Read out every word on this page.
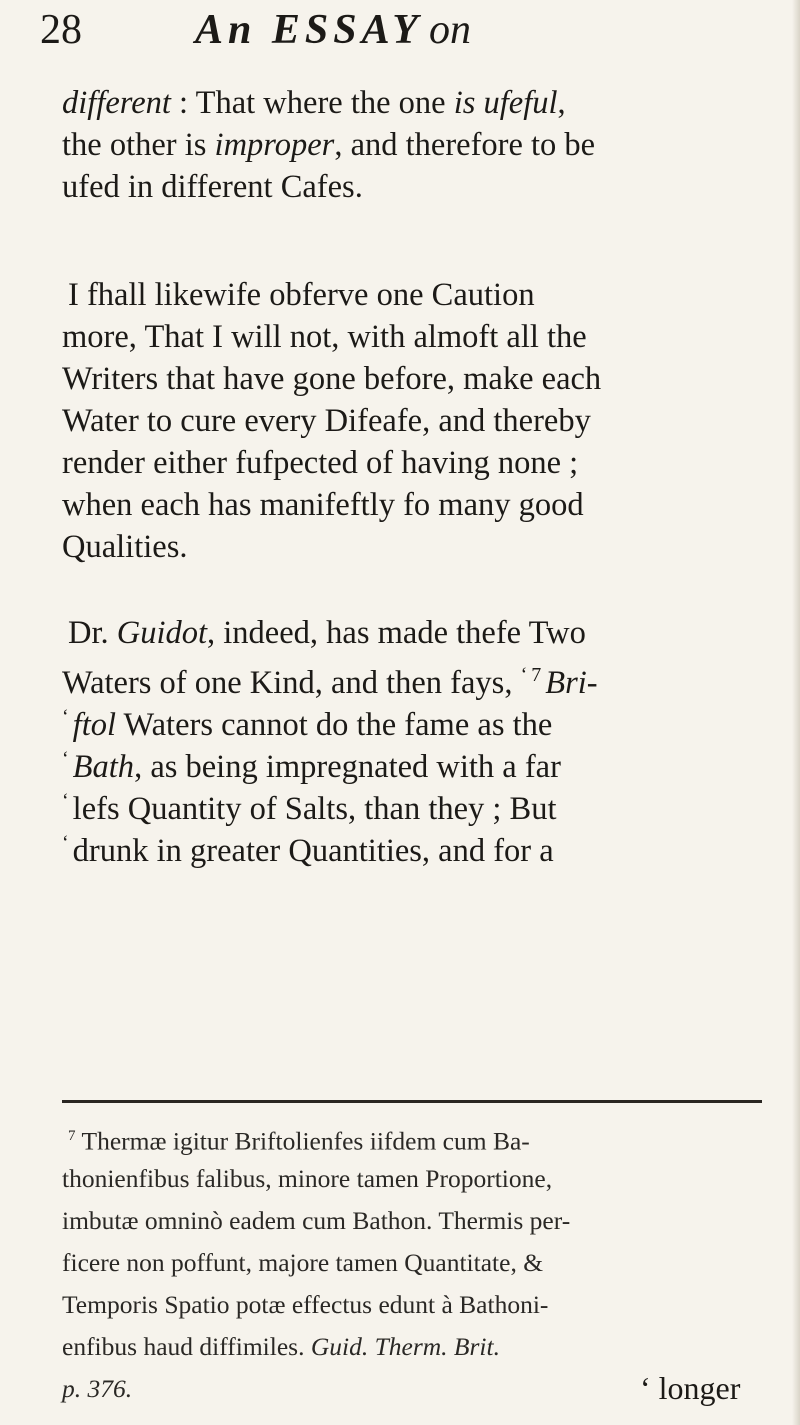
28	An ESSAY on
different : That where the one is ufeful,
the other is improper, and therefore to be
ufed in different Cafes.
I fhall likewife obferve one Caution
more, That I will not, with almoft all the
Writers that have gone before, make each
Water to cure every Difeafe, and thereby
render either fufpected of having none ;
when each has manifeftly fo many good
Qualities.
Dr. Guidot, indeed, has made thefe Two
Waters of one Kind, and then fays, ‘ $^7$ Bri-
‘ ftol Waters cannot do the fame as the
‘ Bath, as being impregnated with a far
‘ lefs Quantity of Salts, than they ; But
‘ drunk in greater Quantities, and for a
$^7$ Thermæ igitur Briftolienfes iifdem cum Ba-
thonienfibus falibus, minore tamen Proportione,
imbutæ omninò eadem cum Bathon. Thermis per-
ficere non poffunt, majore tamen Quantitate, &
Temporis Spatio potæ effectus edunt à Bathoni-
enfibus haud diffimiles. Guid. Therm. Brit.
p. 376.	‘ longer
